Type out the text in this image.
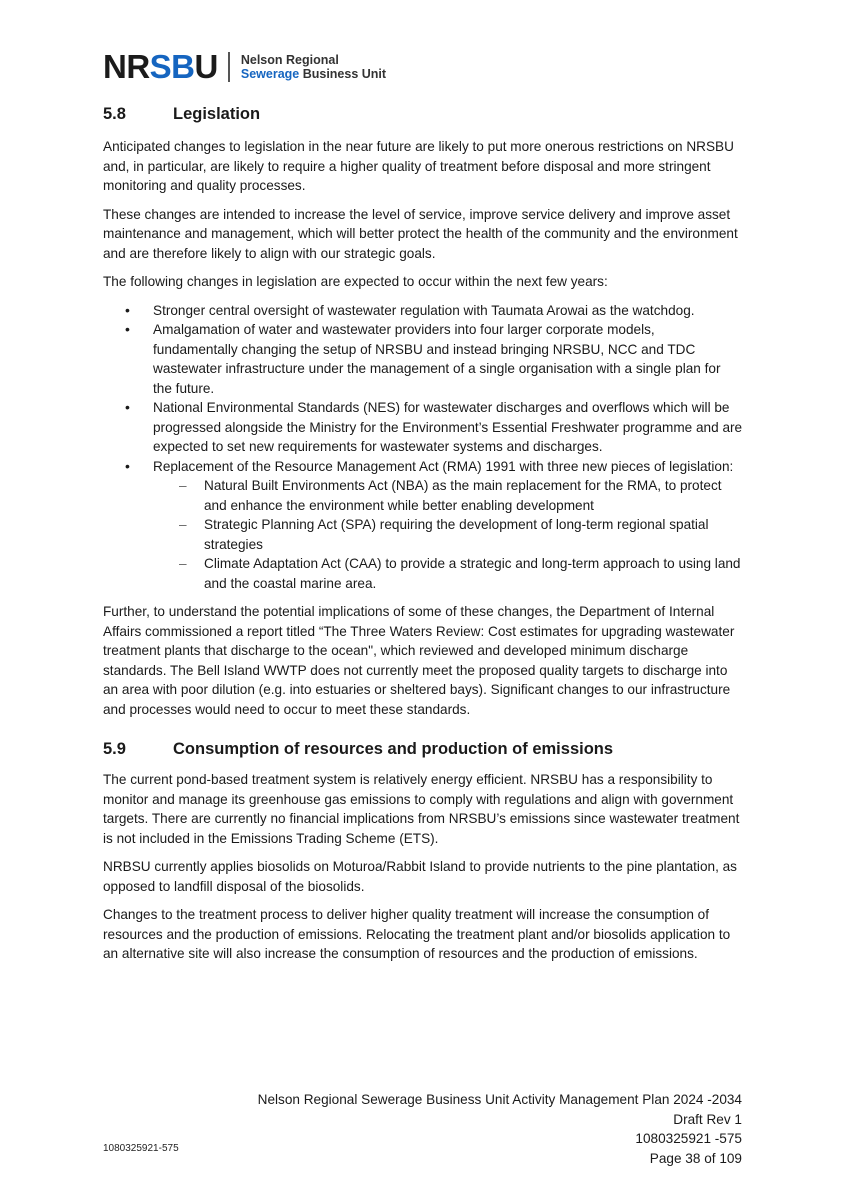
NRSBU Nelson Regional
Sewerage Business Unit
5.8	Legislation

Anticipated changes to legislation in the near future are likely to put more onerous restrictions on NRSBU and, in particular, are likely to require a higher quality of treatment before disposal and more stringent monitoring and quality processes.

These changes are intended to increase the level of service, improve service delivery and improve asset maintenance and management, which will better protect the health of the community and the environment and are therefore likely to align with our strategic goals.

The following changes in legislation are expected to occur within the next few years:

• Stronger central oversight of wastewater regulation with Taumata Arowai as the watchdog.
• Amalgamation of water and wastewater providers into four larger corporate models, fundamentally changing the setup of NRSBU and instead bringing NRSBU, NCC and TDC wastewater infrastructure under the management of a single organisation with a single plan for the future.
• National Environmental Standards (NES) for wastewater discharges and overflows which will be progressed alongside the Ministry for the Environment’s Essential Freshwater programme and are expected to set new requirements for wastewater systems and discharges.
• Replacement of the Resource Management Act (RMA) 1991 with three new pieces of legislation:
– Natural Built Environments Act (NBA) as the main replacement for the RMA, to protect and enhance the environment while better enabling development
– Strategic Planning Act (SPA) requiring the development of long-term regional spatial strategies
– Climate Adaptation Act (CAA) to provide a strategic and long-term approach to using land and the coastal marine area.

Further, to understand the potential implications of some of these changes, the Department of Internal Affairs commissioned a report titled “The Three Waters Review: Cost estimates for upgrading wastewater treatment plants that discharge to the ocean", which reviewed and developed minimum discharge standards. The Bell Island WWTP does not currently meet the proposed quality targets to discharge into an area with poor dilution (e.g. into estuaries or sheltered bays). Significant changes to our infrastructure and processes would need to occur to meet these standards.

5.9	Consumption of resources and production of emissions

The current pond-based treatment system is relatively energy efficient. NRSBU has a responsibility to monitor and manage its greenhouse gas emissions to comply with regulations and align with government targets. There are currently no financial implications from NRSBU’s emissions since wastewater treatment is not included in the Emissions Trading Scheme (ETS).

NRBSU currently applies biosolids on Moturoa/Rabbit Island to provide nutrients to the pine plantation, as opposed to landfill disposal of the biosolids.

Changes to the treatment process to deliver higher quality treatment will increase the consumption of resources and the production of emissions. Relocating the treatment plant and/or biosolids application to an alternative site will also increase the consumption of resources and the production of emissions.

Nelson Regional Sewerage Business Unit Activity Management Plan 2024 -2034
Draft Rev 1
1080325921 -575
Page 38 of 109
1080325921-575
